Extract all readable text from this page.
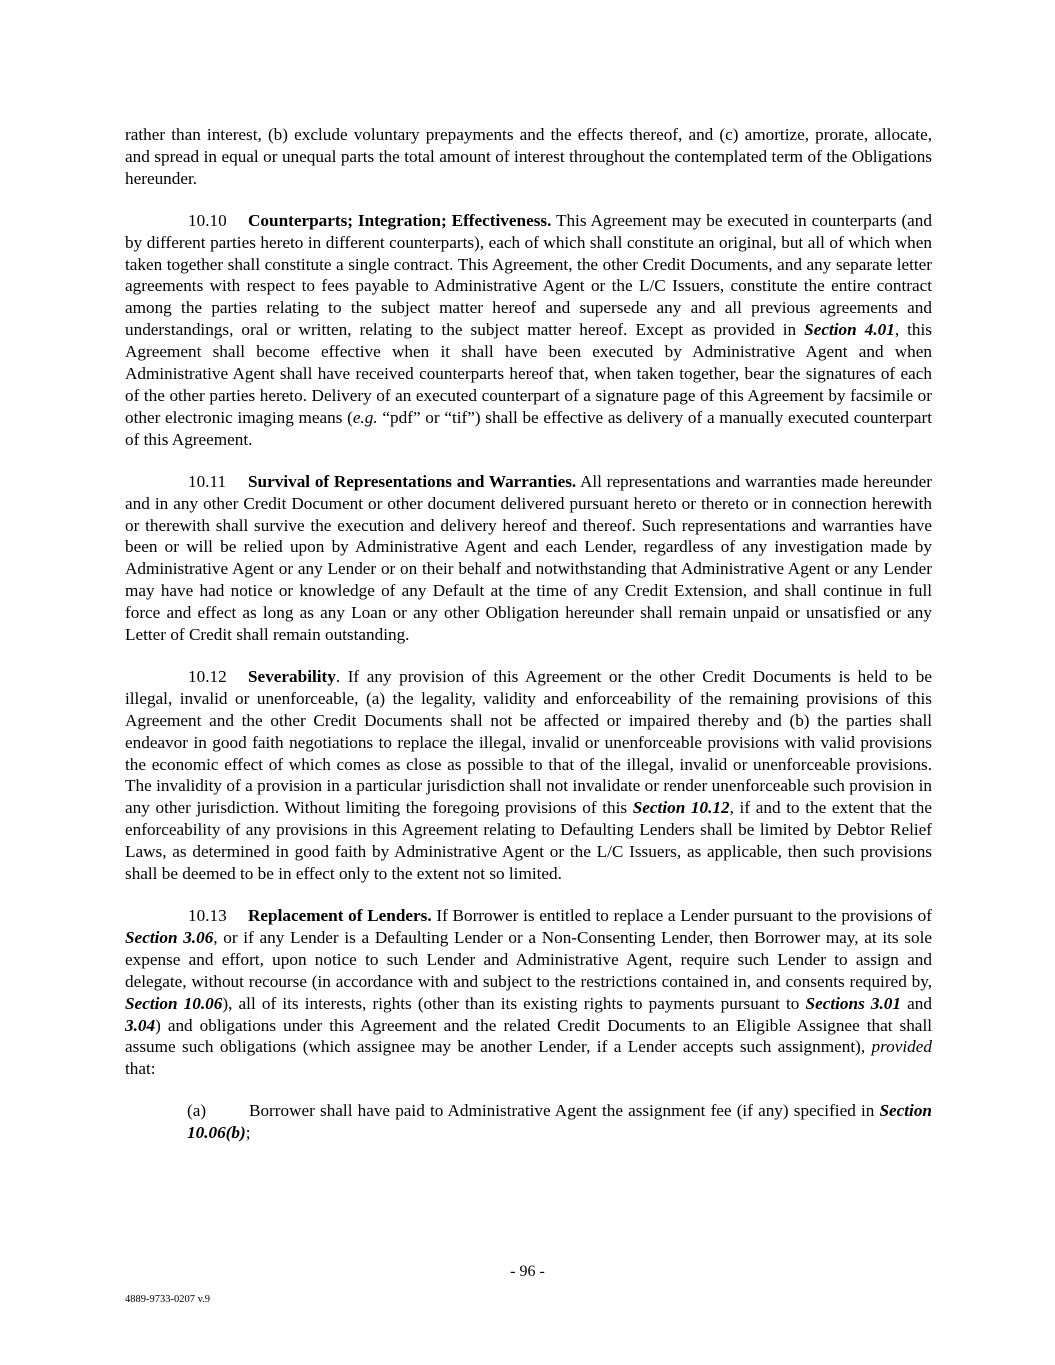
rather than interest, (b) exclude voluntary prepayments and the effects thereof, and (c) amortize, prorate, allocate, and spread in equal or unequal parts the total amount of interest throughout the contemplated term of the Obligations hereunder.

10.10 Counterparts; Integration; Effectiveness. This Agreement may be executed in counterparts (and by different parties hereto in different counterparts), each of which shall constitute an original, but all of which when taken together shall constitute a single contract. This Agreement, the other Credit Documents, and any separate letter agreements with respect to fees payable to Administrative Agent or the L/C Issuers, constitute the entire contract among the parties relating to the subject matter hereof and supersede any and all previous agreements and understandings, oral or written, relating to the subject matter hereof. Except as provided in Section 4.01, this Agreement shall become effective when it shall have been executed by Administrative Agent and when Administrative Agent shall have received counterparts hereof that, when taken together, bear the signatures of each of the other parties hereto. Delivery of an executed counterpart of a signature page of this Agreement by facsimile or other electronic imaging means (e.g. “pdf” or “tif”) shall be effective as delivery of a manually executed counterpart of this Agreement.

10.11 Survival of Representations and Warranties. All representations and warranties made hereunder and in any other Credit Document or other document delivered pursuant hereto or thereto or in connection herewith or therewith shall survive the execution and delivery hereof and thereof. Such representations and warranties have been or will be relied upon by Administrative Agent and each Lender, regardless of any investigation made by Administrative Agent or any Lender or on their behalf and notwithstanding that Administrative Agent or any Lender may have had notice or knowledge of any Default at the time of any Credit Extension, and shall continue in full force and effect as long as any Loan or any other Obligation hereunder shall remain unpaid or unsatisfied or any Letter of Credit shall remain outstanding.

10.12 Severability. If any provision of this Agreement or the other Credit Documents is held to be illegal, invalid or unenforceable, (a) the legality, validity and enforceability of the remaining provisions of this Agreement and the other Credit Documents shall not be affected or impaired thereby and (b) the parties shall endeavor in good faith negotiations to replace the illegal, invalid or unenforceable provisions with valid provisions the economic effect of which comes as close as possible to that of the illegal, invalid or unenforceable provisions. The invalidity of a provision in a particular jurisdiction shall not invalidate or render unenforceable such provision in any other jurisdiction. Without limiting the foregoing provisions of this Section 10.12, if and to the extent that the enforceability of any provisions in this Agreement relating to Defaulting Lenders shall be limited by Debtor Relief Laws, as determined in good faith by Administrative Agent or the L/C Issuers, as applicable, then such provisions shall be deemed to be in effect only to the extent not so limited.

10.13 Replacement of Lenders. If Borrower is entitled to replace a Lender pursuant to the provisions of Section 3.06, or if any Lender is a Defaulting Lender or a Non-Consenting Lender, then Borrower may, at its sole expense and effort, upon notice to such Lender and Administrative Agent, require such Lender to assign and delegate, without recourse (in accordance with and subject to the restrictions contained in, and consents required by, Section 10.06), all of its interests, rights (other than its existing rights to payments pursuant to Sections 3.01 and 3.04) and obligations under this Agreement and the related Credit Documents to an Eligible Assignee that shall assume such obligations (which assignee may be another Lender, if a Lender accepts such assignment), provided that:

(a) Borrower shall have paid to Administrative Agent the assignment fee (if any) specified in Section 10.06(b);

- 96 -
4889-9733-0207 v.9
